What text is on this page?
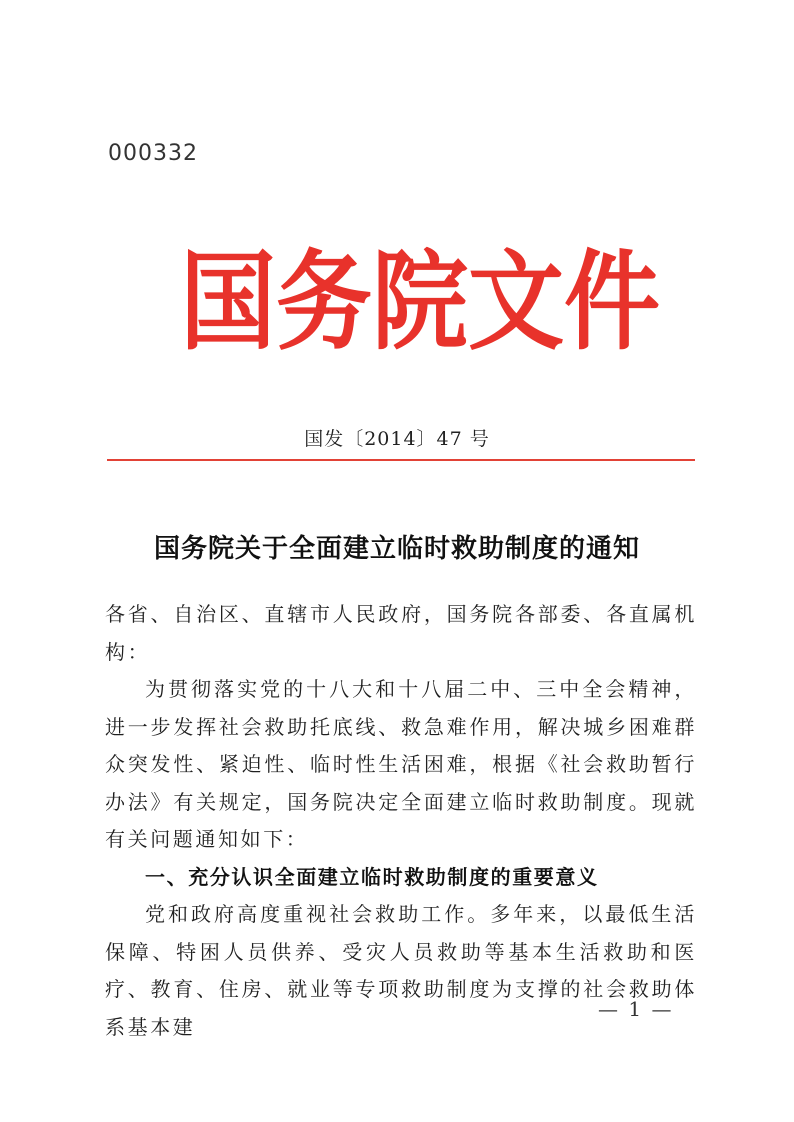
000332
国 务 院 文 件
国发〔2014〕47 号
国务院关于全面建立临时救助制度的通知

各省、自治区、直辖市人民政府，国务院各部委、各直属机构：

为贯彻落实党的十八大和十八届二中、三中全会精神，进一步发挥社会救助托底线、救急难作用，解决城乡困难群众突发性、紧迫性、临时性生活困难，根据《社会救助暂行办法》有关规定，国务院决定全面建立临时救助制度。现就有关问题通知如下：

一、充分认识全面建立临时救助制度的重要意义

党和政府高度重视社会救助工作。多年来，以最低生活保障、特困人员供养、受灾人员救助等基本生活救助和医疗、教育、住房、就业等专项救助制度为支撑的社会救助体系基本建

— 1 —
